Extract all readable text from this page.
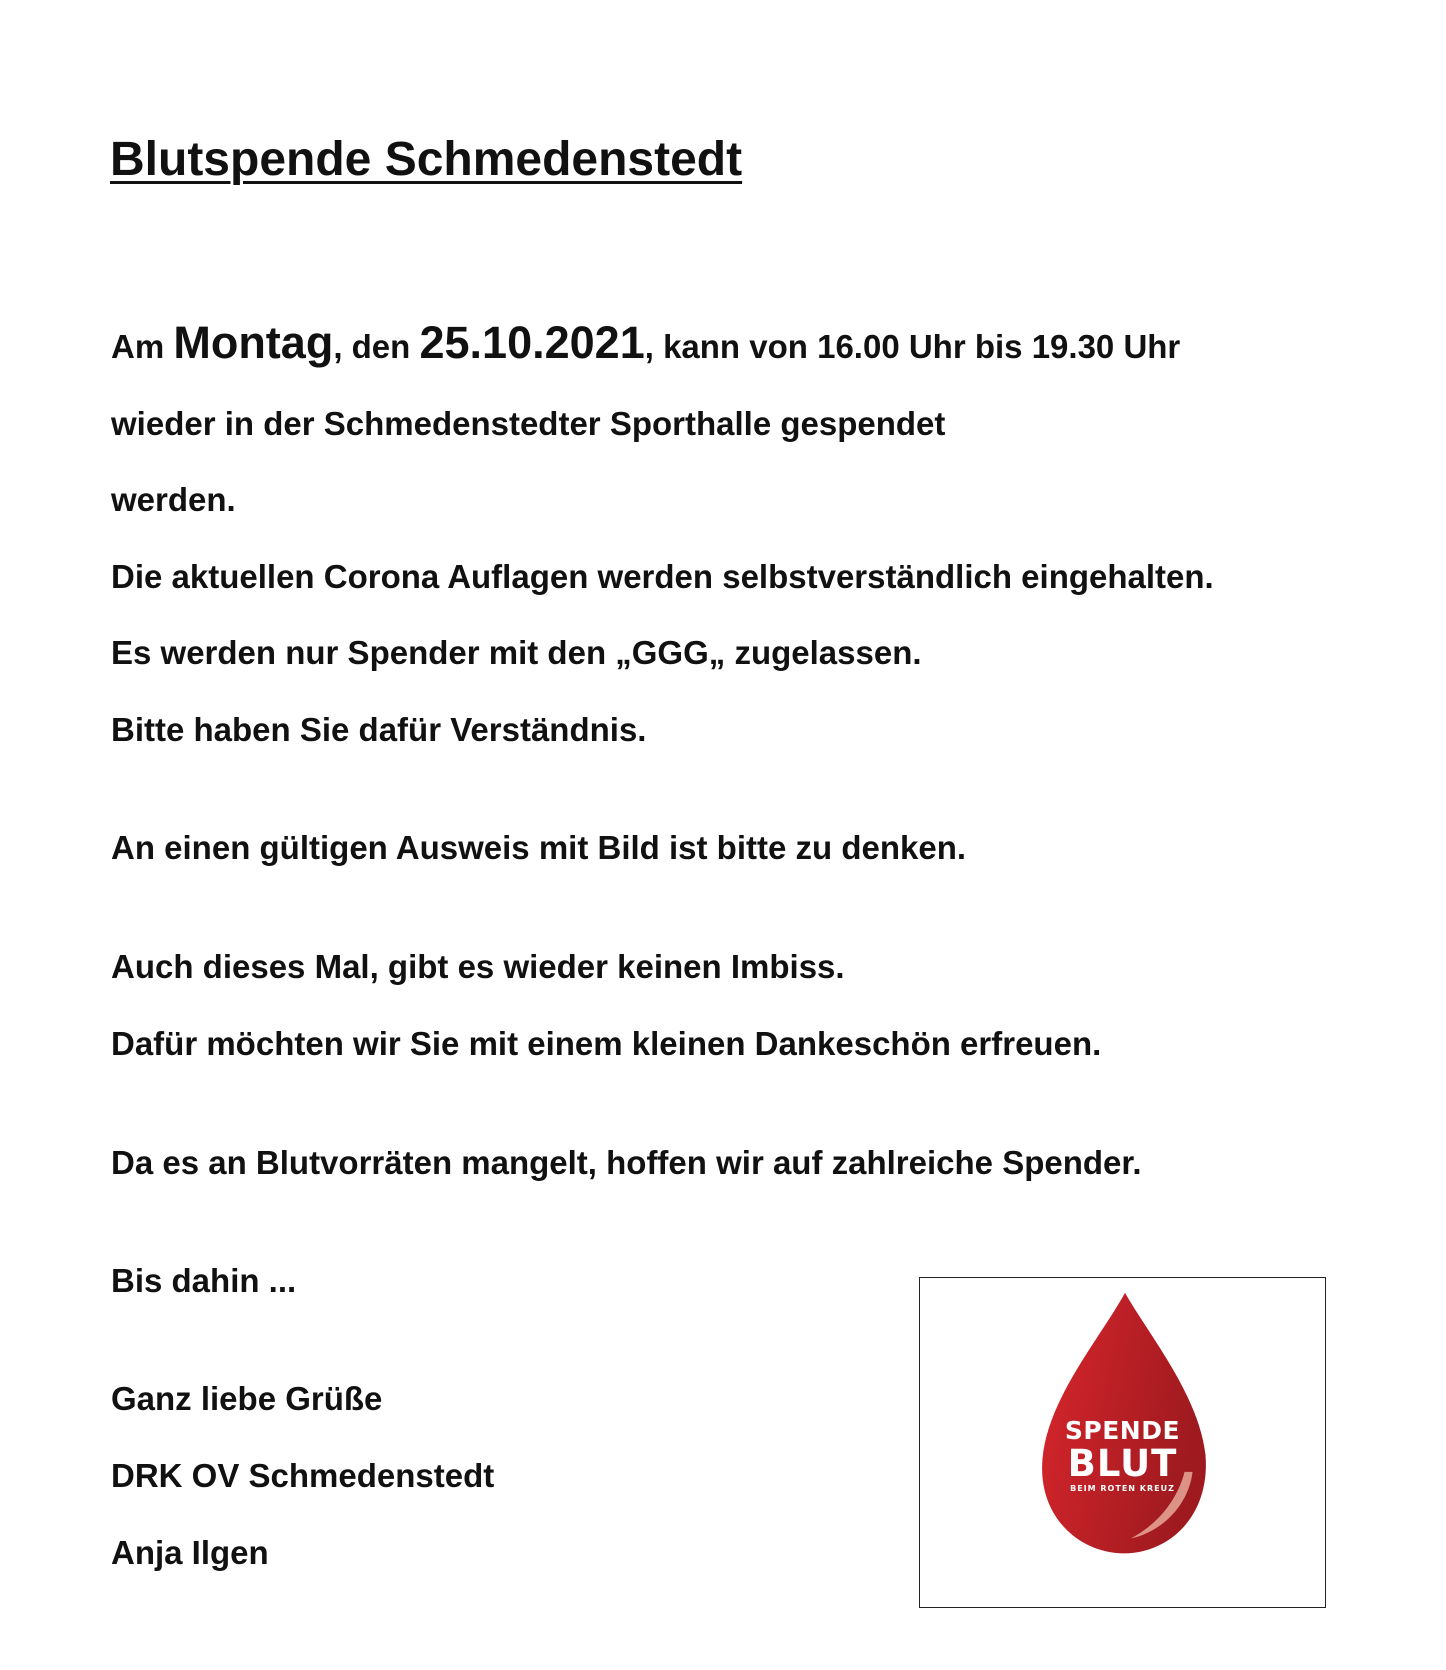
Blutspende Schmedenstedt

Am Montag, den 25.10.2021, kann von 16.00 Uhr bis 19.30 Uhr

wieder in der Schmedenstedter Sporthalle gespendet

werden.

Die aktuellen Corona Auflagen werden selbstverständlich eingehalten.

Es werden nur Spender mit den „GGG„ zugelassen.

Bitte haben Sie dafür Verständnis.

An einen gültigen Ausweis mit Bild ist bitte zu denken.

Auch dieses Mal, gibt es wieder keinen Imbiss.

Dafür möchten wir Sie mit einem kleinen Dankeschön erfreuen.

Da es an Blutvorräten mangelt, hoffen wir auf zahlreiche Spender.

Bis dahin ...

Ganz liebe Grüße

DRK OV Schmedenstedt

Anja Ilgen

SPENDE
BLUT
BEIM ROTEN KREUZ
